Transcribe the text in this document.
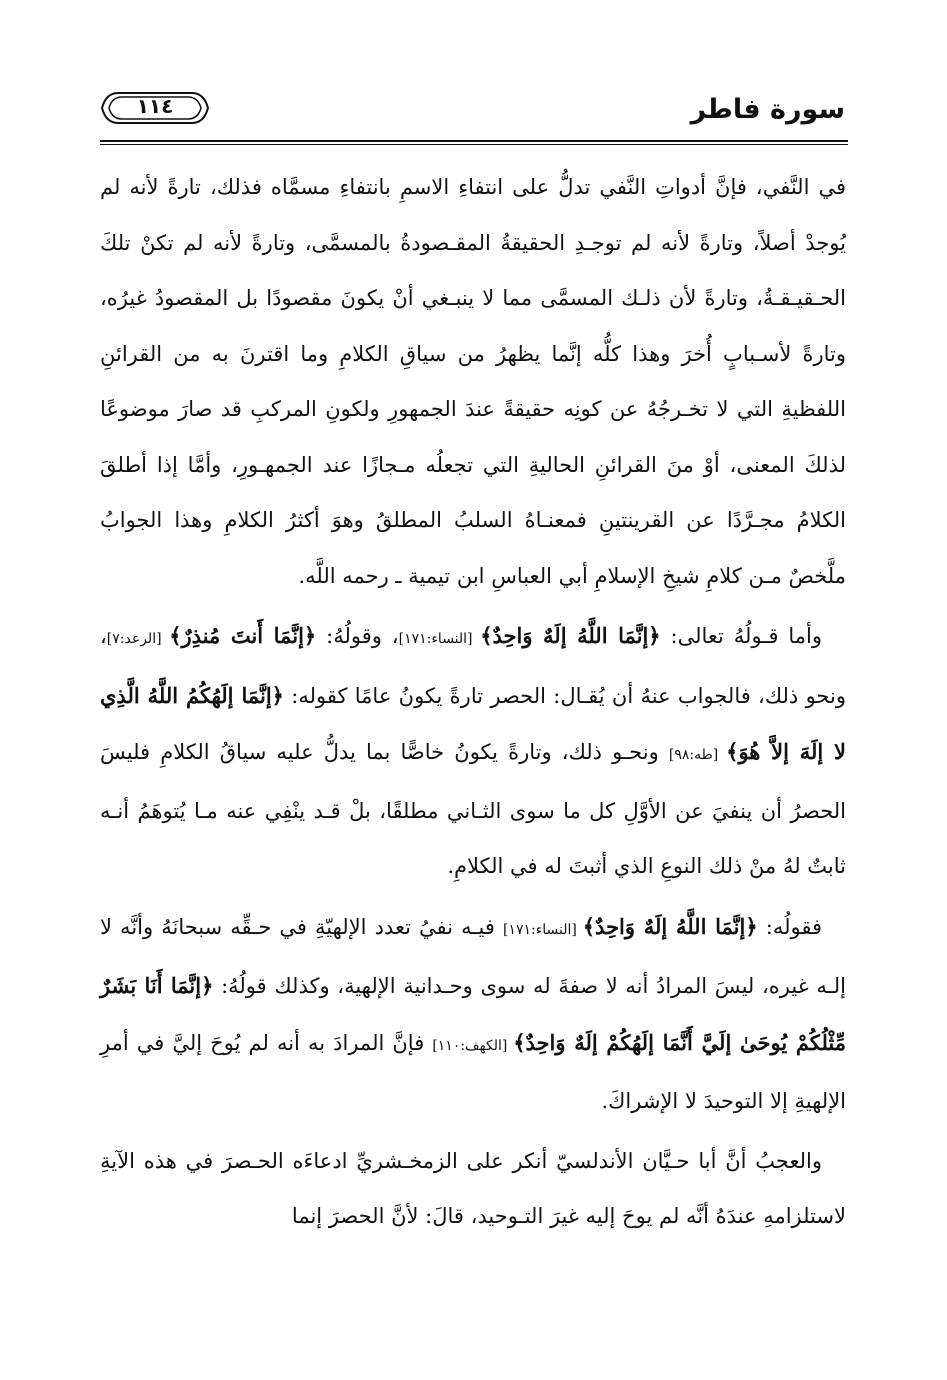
سورة فاطر
١١٤

في النَّفي، فإنَّ أدواتِ النَّفي تدلُّ على انتفاءِ الاسمِ بانتفاءِ مسمَّاه فذلك، تارةً لأنه لم يُوجدْ أصلاً، وتارةً لأنه لم توجـدِ الحقيقةُ المقـصودةُ بالمسمَّى، وتارةً لأنه لم تكنْ تلكَ الحـقيـقـةُ، وتارةً لأن ذلـك المسمَّى مما لا ينبـغي أنْ يكونَ مقصودًا بل المقصودُ غيرُه، وتارةً لأسـبابٍ أُخرَ وهذا كلُّه إنَّما يظهرُ من سياقِ الكلامِ وما اقترنَ به من القرائنِ اللفظيةِ التي لا تخـرجُهُ عن كونِه حقيقةً عندَ الجمهورِ ولكونِ المركبِ قد صارَ موضوعًا لذلكَ المعنى، أوْ منَ القرائنِ الحاليةِ التي تجعلُه مـجازًا عند الجمهـورِ، وأمَّا إذا أطلقَ الكلامُ مجـرَّدًا عن القرينتينِ فمعنـاهُ السلبُ المطلقُ وهوَ أكثرُ الكلامِ وهذا الجوابُ ملَّخصٌ مـن كلامِ شيخِ الإسلامِ أبي العباسِ ابن تيمية ـ رحمه اللَّه.

وأما قـولُهُ تعالى: ﴿إنَّمَا اللَّهُ إلَهٌ وَاحِدٌ﴾ [النساء:١٧١]، وقولُهُ: ﴿إنَّمَا أَنتَ مُنذِرٌ﴾ [الرعد:٧]، ونحو ذلك، فالجواب عنهُ أن يُقـال: الحصر تارةً يكونُ عامًا كقوله: ﴿إنَّمَا إلَهُكُمُ اللَّهُ الَّذِي لا إلَهَ إلاَّ هُوَ﴾ [طه:٩٨] ونحـو ذلك، وتارةً يكونُ خاصًّا بما يدلُّ عليه سياقُ الكلامِ فليسَ الحصرُ أن ينفيَ عن الأوَّلِ كل ما سوى الثـاني مطلقًا، بلْ قـد ينْفِي عنه مـا يُتوهَمُ أنـه ثابتٌ لهُ منْ ذلك النوعِ الذي أثبتَ له في الكلامِ.

فقولُه: ﴿إنَّمَا اللَّهُ إلَهٌ وَاحِدٌ﴾ [النساء:١٧١] فيـه نفيُ تعدد الإلهيّةِ في حـقِّه سبحانَهُ وأنَّه لا إلـه غيره، ليسَ المرادُ أنه لا صفةَ له سوى وحـدانية الإلهية، وكذلك قولُهُ: ﴿إنَّمَا أَنَا بَشَرٌ مِّثْلُكُمْ يُوحَىٰ إلَيَّ أَنَّمَا إلَهُكُمْ إلَهٌ وَاحِدٌ﴾ [الكهف:١١٠] فإنَّ المرادَ به أنه لم يُوحَ إليَّ في أمرِ الإلهيةِ إلا التوحيدَ لا الإشراكَ.

والعجبُ أنَّ أبا حـيَّان الأندلسيّ أنكر على الزمخـشريِّ ادعاءَه الحـصرَ في هذه الآيةِ لاستلزامهِ عندَهُ أنَّه لم يوحَ إليه غيرَ التـوحيد، قالَ: لأنَّ الحصرَ إنما
